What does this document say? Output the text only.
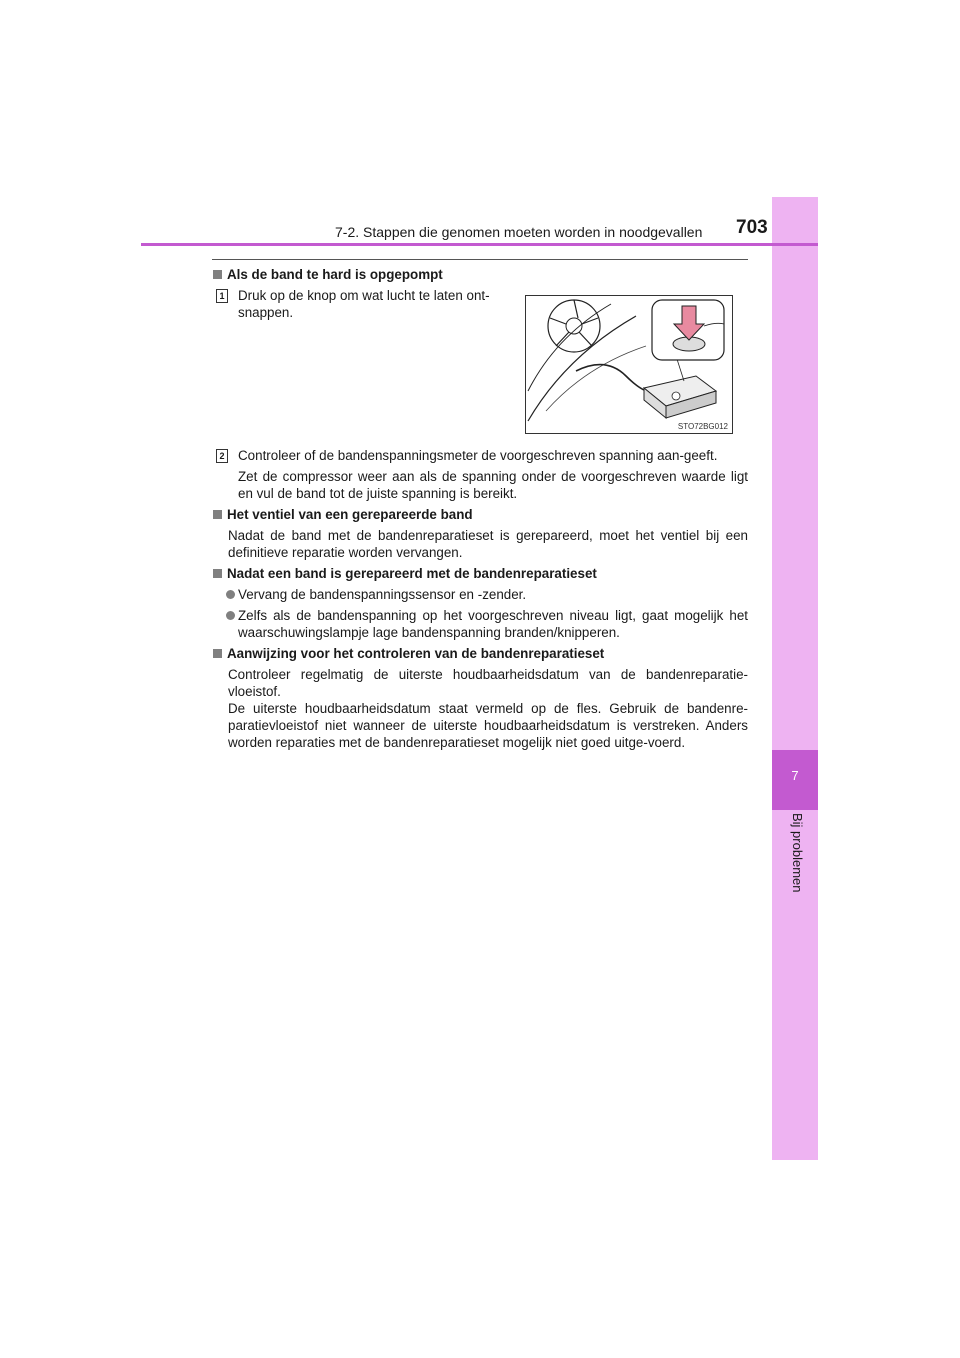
7
Bij problemen
7-2. Stappen die genomen moeten worden in noodgevallen 703
Als de band te hard is opgepompt
1 Druk op de knop om wat lucht te laten ont-snappen.
2 Controleer of de bandenspanningsmeter de voorgeschreven spanning aan-geeft.
Zet de compressor weer aan als de spanning onder de voorgeschreven waarde ligt en vul de band tot de juiste spanning is bereikt.
Het ventiel van een gerepareerde band
Nadat de band met de bandenreparatieset is gerepareerd, moet het ventiel bij een definitieve reparatie worden vervangen.
Nadat een band is gerepareerd met de bandenreparatieset
Vervang de bandenspanningssensor en -zender.
Zelfs als de bandenspanning op het voorgeschreven niveau ligt, gaat mogelijk het waarschuwingslampje lage bandenspanning branden/knipperen.
Aanwijzing voor het controleren van de bandenreparatieset
Controleer regelmatig de uiterste houdbaarheidsdatum van de bandenreparatie-vloeistof.
De uiterste houdbaarheidsdatum staat vermeld op de fles. Gebruik de bandenre-paratievloeistof niet wanneer de uiterste houdbaarheidsdatum is verstreken. Anders worden reparaties met de bandenreparatieset mogelijk niet goed uitge-voerd.
STO72BG012
